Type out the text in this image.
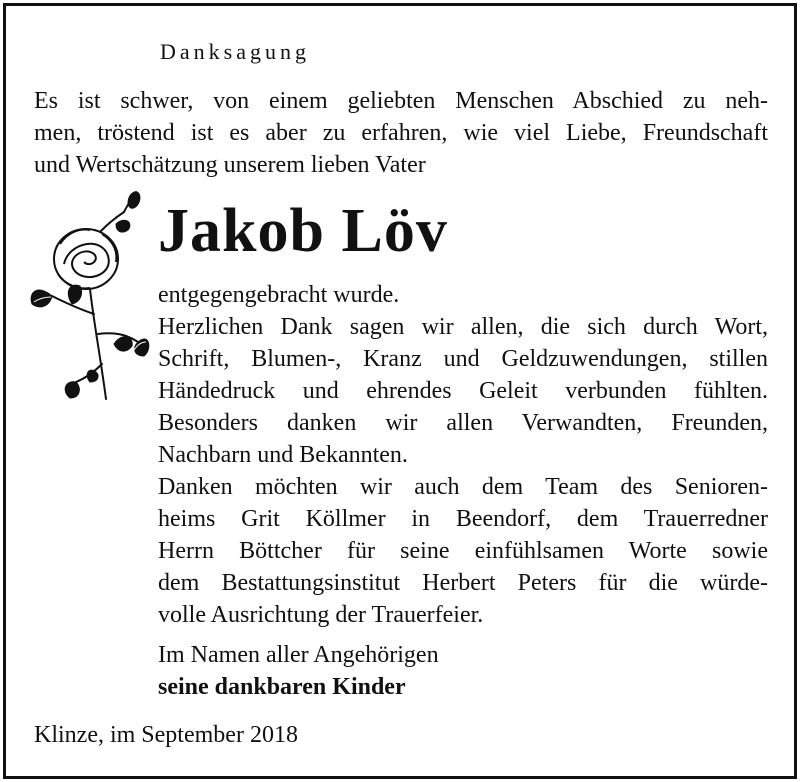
Danksagung
Es ist schwer, von einem geliebten Menschen Abschied zu neh-
men, tröstend ist es aber zu erfahren, wie viel Liebe, Freundschaft
und Wertschätzung unserem lieben Vater
Jakob Löv
entgegengebracht wurde.
Herzlichen Dank sagen wir allen, die sich durch Wort,
Schrift, Blumen-, Kranz und Geldzuwendungen, stillen
Händedruck und ehrendes Geleit verbunden fühlten.
Besonders danken wir allen Verwandten, Freunden,
Nachbarn und Bekannten.
Danken möchten wir auch dem Team des Senioren-
heims Grit Köllmer in Beendorf, dem Trauerredner
Herrn Böttcher für seine einfühlsamen Worte sowie
dem Bestattungsinstitut Herbert Peters für die würde-
volle Ausrichtung der Trauerfeier.
Im Namen aller Angehörigen
seine dankbaren Kinder
Klinze, im September 2018
